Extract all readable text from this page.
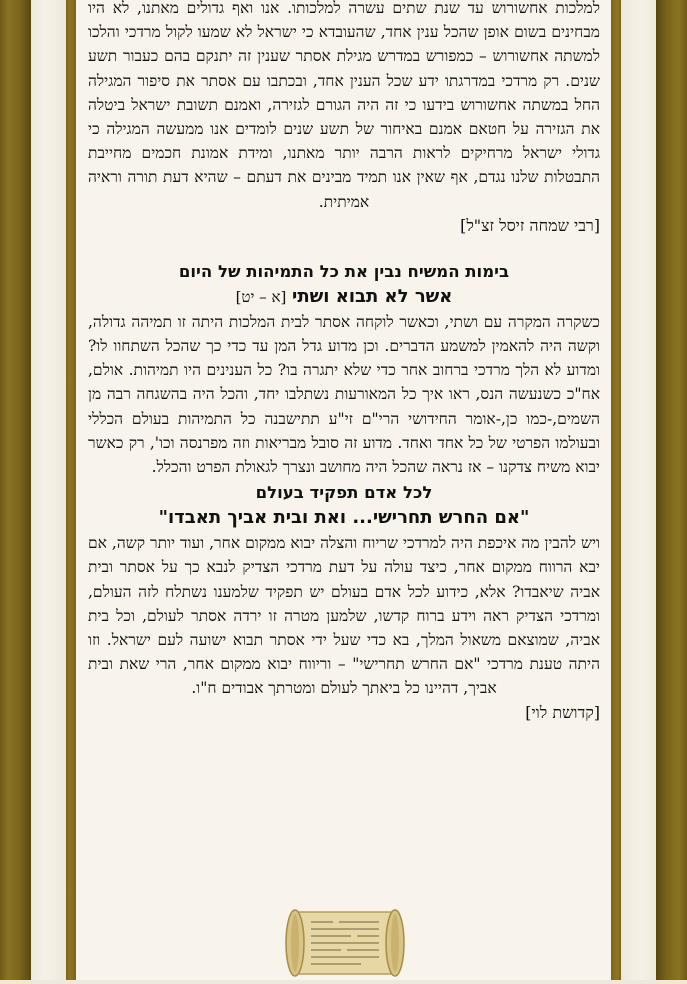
למלכות אחשורוש עד שנת שתים עשרה למלכותו. אנו ואף גדולים מאתנו, לא היו מבחינים בשום אופן שהכל ענין אחד, שהעובדא כי ישראל לא שמעו לקול מרדכי והלכו למשתה אחשורוש – כמפורש במדרש מגילת אסתר שענין זה יתנקם בהם כעבור תשע שנים. רק מרדכי במדרגתו ידע שכל הענין אחד, ובכתבו עם אסתר את סיפור המגילה החל במשתה אחשורוש בידעו כי זה היה הגורם לגזירה, ואמנם תשובת ישראל ביטלה את הגזירה על חטאם אמנם באיחור של תשע שנים לומדים אנו ממעשה המגילה כי גדולי ישראל מרחיקים לראות הרבה יותר מאתנו, ומידת אמונת חכמים מחייבת התבטלות שלנו נגדם, אף שאין אנו תמיד מבינים את דעתם – שהיא דעת תורה וראיה אמיתית.

[רבי שמחה זיסל זצ"ל]

בימות המשיח נבין את כל התמיהות של היום

אשר לא תבוא ושתי [א – יט]

כשקרה המקרה עם ושתי, וכאשר לוקחה אסתר לבית המלכות היתה זו תמיהה גדולה, וקשה היה להאמין למשמע הדברים. וכן מדוע גדל המן עד כדי כך שהכל השתחוו לו? ומדוע לא הלך מרדכי ברחוב אחר כדי שלא יתגרה בו? כל הענינים היו תמיהות. אולם, אח"כ כשנעשה הנס, ראו איך כל המאורעות נשתלבו יחד, והכל היה בהשגחה רבה מן השמים,-כמו כן,-אומר החידושי הרי"ם זי"ע תתישבנה כל התמיהות בעולם הכללי ובעולמו הפרטי של כל אחד ואחד. מדוע זה סובל מבריאות וזה מפרנסה וכו', רק כאשר יבוא משיח צדקנו – אז נראה שהכל היה מחושב ונצרך לגאולת הפרט והכלל.

לכל אדם תפקיד בעולם

"אם החרש תחרישי... ואת ובית אביך תאבדו"

ויש להבין מה איכפת היה למרדכי שריוח והצלה יבוא ממקום אחר, ועוד יותר קשה, אם יבא הרווח ממקום אחר, כיצד עולה על דעת מרדכי הצדיק לנבא כך על אסתר ובית אביה שיאבדו? אלא, כידוע לכל אדם בעולם יש תפקיד שלמענו נשתלח לזה העולם, ומרדכי הצדיק ראה וידע ברוח קדשו, שלמען מטרה זו ירדה אסתר לעולם, וכל בית אביה, שמוצאם משאול המלך, בא כדי שעל ידי אסתר תבוא ישועה לעם ישראל. וזו היתה טענת מרדכי "אם החרש תחרישי" – וריווח יבוא ממקום אחר, הרי שאת ובית אביך, דהיינו כל ביאתך לעולם ומטרתך אבודים ח"ו.

[קדושת לוי]
